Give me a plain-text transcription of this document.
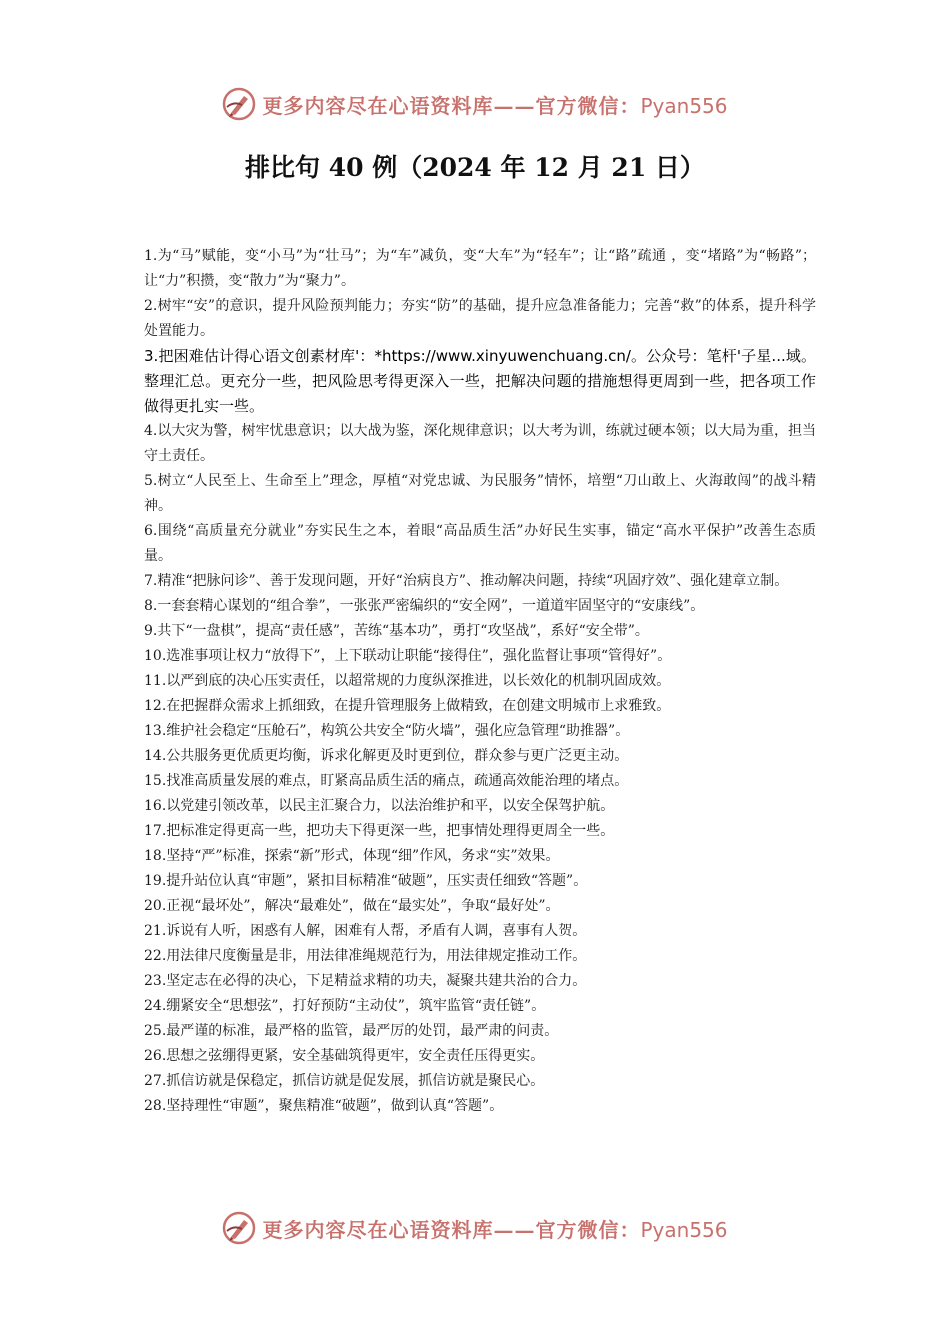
更多内容尽在心语资料库——官方微信：Pyan556
排比句 40 例（2024 年 12 月 21 日）

1.为“马”赋能，变“小马”为“壮马”；为“车”减负，变“大车”为“轻车”；让“路”疏通 ，变“堵路”为“畅路”；让“力”积攒，变“散力”为“聚力”。

2.树牢“安”的意识，提升风险预判能力；夯实“防”的基础，提升应急准备能力；完善“救”的体系，提升科学处置能力。

3.把困难估计得心语文创素材库'：*https://www.xinyuwenchuang.cn/。公众号：笔杆'子星...域。整理汇总。更充分一些，把风险思考得更深入一些，把解决问题的措施想得更周到一些，把各项工作做得更扎实一些。

4.以大灾为警，树牢忧患意识；以大战为鉴，深化规律意识；以大考为训，练就过硬本领；以大局为重，担当守土责任。

5.树立“人民至上、生命至上”理念，厚植“对党忠诚、为民服务”情怀，培塑“刀山敢上、火海敢闯”的战斗精神。

6.围绕“高质量充分就业”夯实民生之本，着眼“高品质生活”办好民生实事，锚定“高水平保护”改善生态质量。

7.精准“把脉问诊”、善于发现问题，开好“治病良方”、推动解决问题，持续“巩固疗效”、强化建章立制。

8.一套套精心谋划的“组合拳”，一张张严密编织的“安全网”，一道道牢固坚守的“安康线”。

9.共下“一盘棋”，提高“责任感”，苦练“基本功”，勇打“攻坚战”，系好“安全带”。

10.选准事项让权力“放得下”，上下联动让职能“接得住”，强化监督让事项“管得好”。

11.以严到底的决心压实责任，以超常规的力度纵深推进，以长效化的机制巩固成效。

12.在把握群众需求上抓细致，在提升管理服务上做精致，在创建文明城市上求雅致。

13.维护社会稳定“压舱石”，构筑公共安全“防火墙”，强化应急管理“助推器”。

14.公共服务更优质更均衡，诉求化解更及时更到位，群众参与更广泛更主动。

15.找准高质量发展的难点，盯紧高品质生活的痛点，疏通高效能治理的堵点。

16.以党建引领改革，以民主汇聚合力，以法治维护和平，以安全保驾护航。

17.把标准定得更高一些，把功夫下得更深一些，把事情处理得更周全一些。

18.坚持“严”标准，探索“新”形式，体现“细”作风，务求“实”效果。

19.提升站位认真“审题”，紧扣目标精准“破题”，压实责任细致“答题”。

20.正视“最坏处”，解决“最难处”，做在“最实处”，争取“最好处”。

21.诉说有人听，困惑有人解，困难有人帮，矛盾有人调，喜事有人贺。

22.用法律尺度衡量是非，用法律准绳规范行为，用法律规定推动工作。

23.坚定志在必得的决心，下足精益求精的功夫，凝聚共建共治的合力。

24.绷紧安全“思想弦”，打好预防“主动仗”，筑牢监管“责任链”。

25.最严谨的标准，最严格的监管，最严厉的处罚，最严肃的问责。

26.思想之弦绷得更紧，安全基础筑得更牢，安全责任压得更实。

27.抓信访就是保稳定，抓信访就是促发展，抓信访就是聚民心。

28.坚持理性“审题”，聚焦精准“破题”，做到认真“答题”。

更多内容尽在心语资料库——官方微信：Pyan556
